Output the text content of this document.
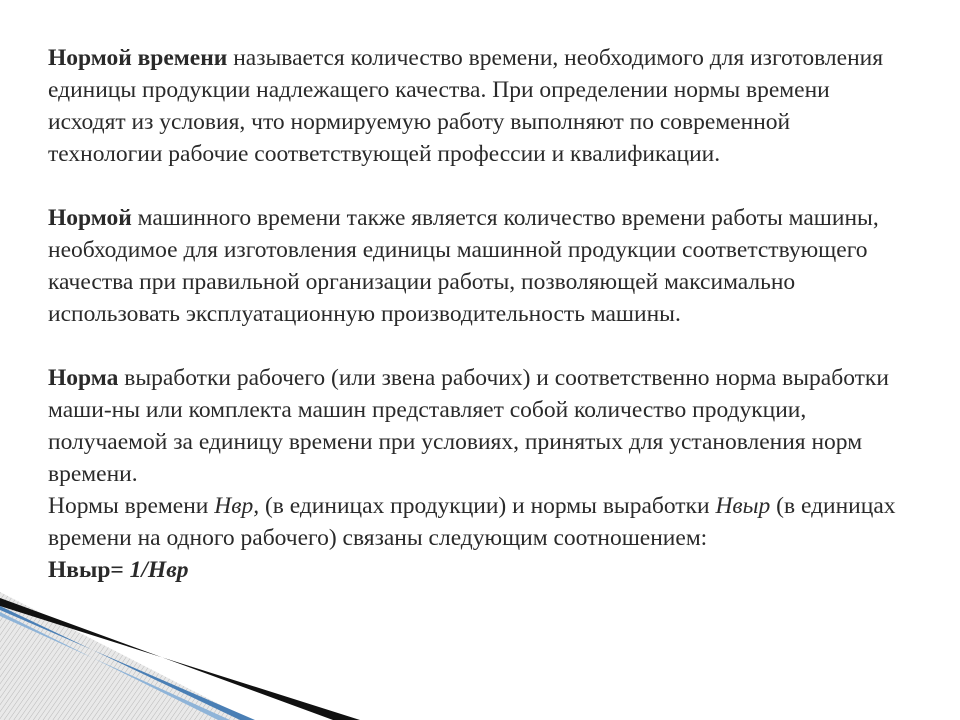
Нормой времени называется количество времени, необходимого для изготовления единицы продукции надлежащего качества. При определении нормы времени исходят из условия, что нормируемую работу выполняют по современной технологии рабочие соответствующей профессии и квалификации.

Нормой машинного времени также является количество времени работы машины, необходимое для изготовления единицы машинной продукции соответствующего качества при правильной организации работы, позволяющей максимально использовать эксплуатационную производительность машины.

Норма выработки рабочего (или звена рабочих) и соответственно норма выработки маши-ны или комплекта машин представляет собой количество продукции, получаемой за единицу времени при условиях, принятых для установления норм времени.

Нормы времени Нвр, (в единицах продукции) и нормы выработки Нвыр (в единицах времени на одного рабочего) связаны следующим соотношением:

Нвыр= 1/Нвр
